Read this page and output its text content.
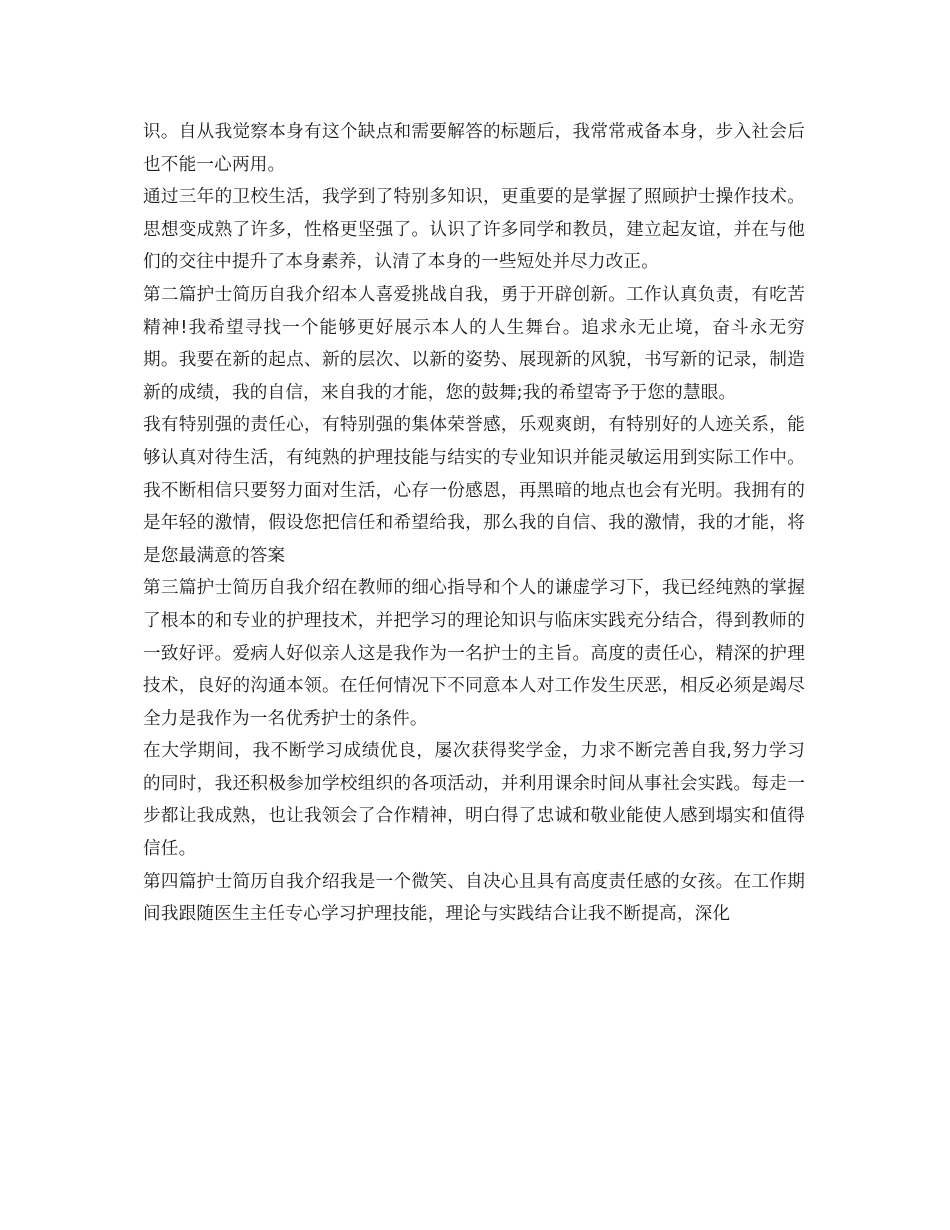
识。自从我觉察本身有这个缺点和需要解答的标题后，我常常戒备本身，步入社会后也不能一心两用。

通过三年的卫校生活，我学到了特别多知识，更重要的是掌握了照顾护士操作技术。思想变成熟了许多，性格更坚强了。认识了许多同学和教员，建立起友谊，并在与他们的交往中提升了本身素养，认清了本身的一些短处并尽力改正。

第二篇护士简历自我介绍本人喜爱挑战自我，勇于开辟创新。工作认真负责，有吃苦精神!我希望寻找一个能够更好展示本人的人生舞台。追求永无止境，奋斗永无穷期。我要在新的起点、新的层次、以新的姿势、展现新的风貌，书写新的记录，制造新的成绩，我的自信，来自我的才能，您的鼓舞;我的希望寄予于您的慧眼。

我有特别强的责任心，有特别强的集体荣誉感，乐观爽朗，有特别好的人迹关系，能够认真对待生活，有纯熟的护理技能与结实的专业知识并能灵敏运用到实际工作中。我不断相信只要努力面对生活，心存一份感恩，再黑暗的地点也会有光明。我拥有的是年轻的激情，假设您把信任和希望给我，那么我的自信、我的激情，我的才能，将是您最满意的答案

第三篇护士简历自我介绍在教师的细心指导和个人的谦虚学习下，我已经纯熟的掌握了根本的和专业的护理技术，并把学习的理论知识与临床实践充分结合，得到教师的一致好评。爱病人好似亲人这是我作为一名护士的主旨。高度的责任心，精深的护理技术，良好的沟通本领。在任何情况下不同意本人对工作发生厌恶，相反必须是竭尽全力是我作为一名优秀护士的条件。

在大学期间，我不断学习成绩优良，屡次获得奖学金，力求不断完善自我,努力学习的同时，我还积极参加学校组织的各项活动，并利用课余时间从事社会实践。每走一步都让我成熟，也让我领会了合作精神，明白得了忠诚和敬业能使人感到塌实和值得信任。

第四篇护士简历自我介绍我是一个微笑、自决心且具有高度责任感的女孩。在工作期间我跟随医生主任专心学习护理技能，理论与实践结合让我不断提高，深化
